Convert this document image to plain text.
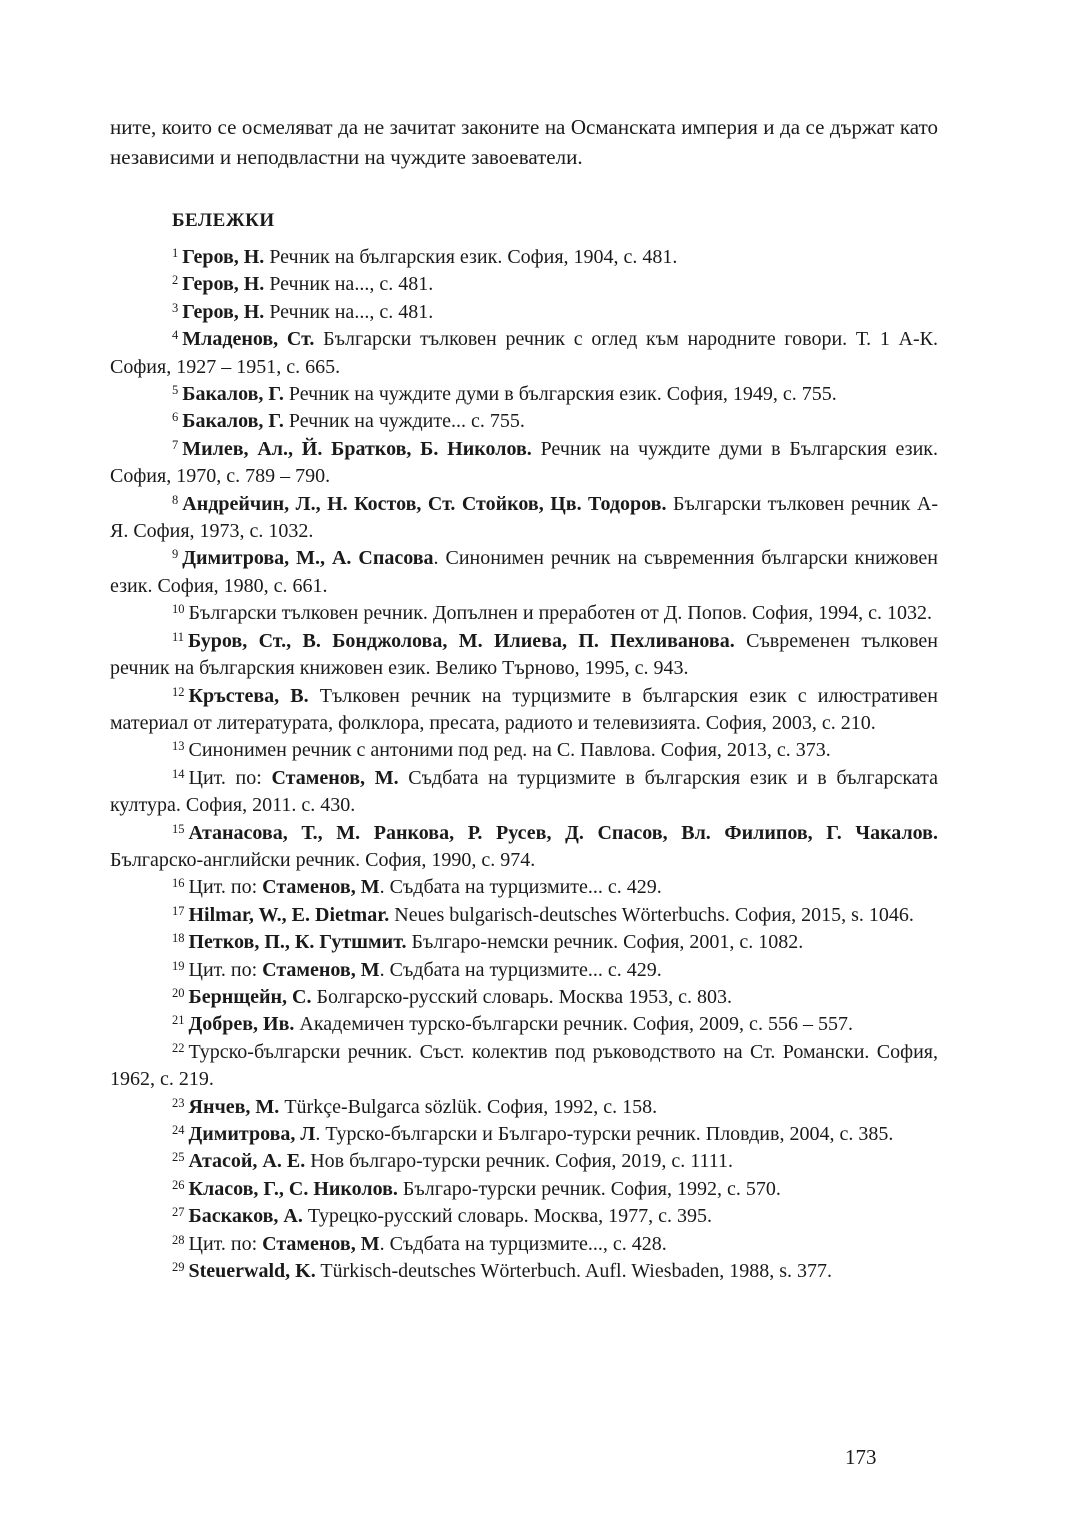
ните, които се осмеляват да не зачитат законите на Османската империя и да се държат като независими и неподвластни на чуждите завоеватели.

БЕЛЕЖКИ

$^1$ Геров, Н. Речник на българския език. София, 1904, с. 481.

$^2$ Геров, Н. Речник на..., с. 481.

$^3$ Геров, Н. Речник на..., с. 481.

$^4$ Младенов, Ст. Български тълковен речник с оглед към народните говори. Т. 1 А-К. София, 1927 – 1951, с. 665.

$^5$ Бакалов, Г. Речник на чуждите думи в българския език. София, 1949, с. 755.

$^6$ Бакалов, Г. Речник на чуждите... с. 755.

$^7$ Милев, Ал., Й. Братков, Б. Николов. Речник на чуждите думи в Българския език. София, 1970, с. 789 – 790.

$^8$ Андрейчин, Л., Н. Костов, Ст. Стойков, Цв. Тодоров. Български тълковен речник А-Я. София, 1973, с. 1032.

$^9$ Димитрова, М., А. Спасова. Синонимен речник на съвременния български книжовен език. София, 1980, с. 661.

$^{10}$ Български тълковен речник. Допълнен и преработен от Д. Попов. София, 1994, с. 1032.

$^{11}$ Буров, Ст., В. Бонджолова, М. Илиева, П. Пехливанова. Съвременен тълковен речник на българския книжовен език. Велико Търново, 1995, с. 943.

$^{12}$ Кръстева, В. Тълковен речник на турцизмите в българския език с илюстративен материал от литературата, фолклора, пресата, радиото и телевизията. София, 2003, с. 210.

$^{13}$ Синонимен речник с антоними под ред. на С. Павлова. София, 2013, с. 373.

$^{14}$ Цит. по: Стаменов, М. Съдбата на турцизмите в българския език и в българската култура. София, 2011. с. 430.

$^{15}$ Атанасова, Т., М. Ранкова, Р. Русев, Д. Спасов, Вл. Филипов, Г. Чакалов. Българско-английски речник. София, 1990, с. 974.

$^{16}$ Цит. по: Стаменов, М. Съдбата на турцизмите... с. 429.

$^{17}$ Hilmar, W., E. Dietmar. Neues bulgarisch-deutsches Wörterbuchs. София, 2015, s. 1046.

$^{18}$ Петков, П., К. Гутшмит. Българо-немски речник. София, 2001, с. 1082.

$^{19}$ Цит. по: Стаменов, М. Съдбата на турцизмите... с. 429.

$^{20}$ Бернщейн, С. Болгарско-русский словарь. Москва 1953, с. 803.

$^{21}$ Добрев, Ив. Академичен турско-български речник. София, 2009, с. 556 – 557.

$^{22}$ Турско-български речник. Съст. колектив под ръководството на Ст. Романски. София, 1962, с. 219.

$^{23}$ Янчев, М. Türkçe-Bulgarca sözlük. София, 1992, с. 158.

$^{24}$ Димитрова, Л. Турско-български и Българо-турски речник. Пловдив, 2004, с. 385.

$^{25}$ Атасой, А. Е. Нов българо-турски речник. София, 2019, с. 1111.

$^{26}$ Класов, Г., С. Николов. Българо-турски речник. София, 1992, с. 570.

$^{27}$ Баскаков, А. Турецко-русский словарь. Москва, 1977, с. 395.

$^{28}$ Цит. по: Стаменов, М. Съдбата на турцизмите..., с. 428.

$^{29}$ Steuerwald, K. Türkisch-deutsches Wörterbuch. Aufl. Wiesbaden, 1988, s. 377.

173
